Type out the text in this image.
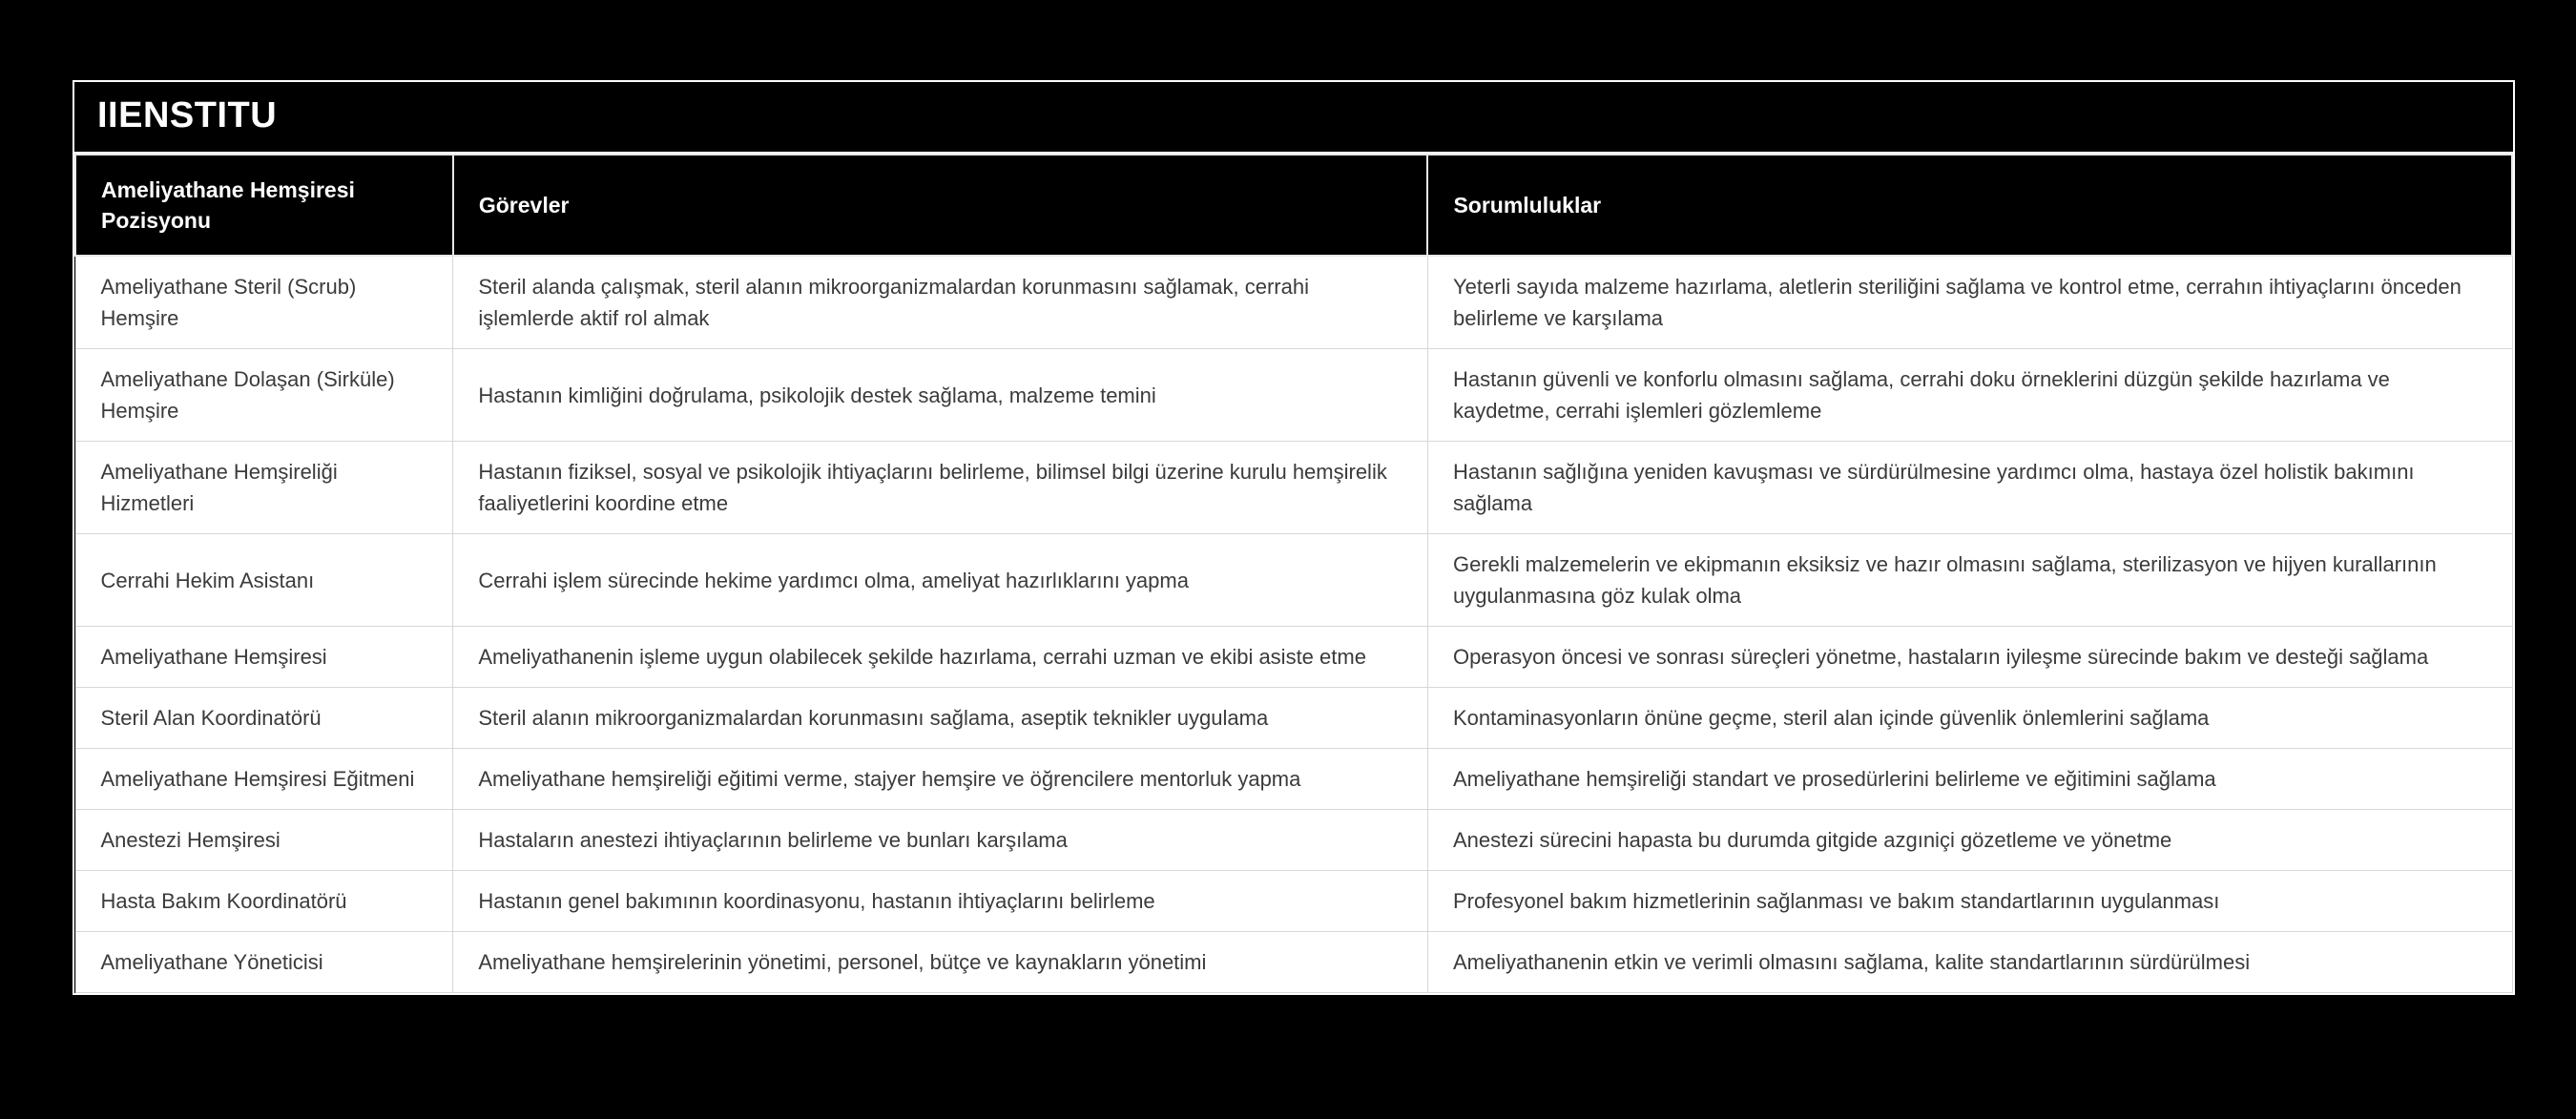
IIENSTITU
Ameliyathane Hemşiresi Pozisyonu	Görevler	Sorumluluklar
Ameliyathane Steril (Scrub) Hemşire	Steril alanda çalışmak, steril alanın mikroorganizmalardan korunmasını sağlamak, cerrahi işlemlerde aktif rol almak	Yeterli sayıda malzeme hazırlama, aletlerin steriliğini sağlama ve kontrol etme, cerrahın ihtiyaçlarını önceden belirleme ve karşılama
Ameliyathane Dolaşan (Sirküle) Hemşire	Hastanın kimliğini doğrulama, psikolojik destek sağlama, malzeme temini	Hastanın güvenli ve konforlu olmasını sağlama, cerrahi doku örneklerini düzgün şekilde hazırlama ve kaydetme, cerrahi işlemleri gözlemleme
Ameliyathane Hemşireliği Hizmetleri	Hastanın fiziksel, sosyal ve psikolojik ihtiyaçlarını belirleme, bilimsel bilgi üzerine kurulu hemşirelik faaliyetlerini koordine etme	Hastanın sağlığına yeniden kavuşması ve sürdürülmesine yardımcı olma, hastaya özel holistik bakımını sağlama
Cerrahi Hekim Asistanı	Cerrahi işlem sürecinde hekime yardımcı olma, ameliyat hazırlıklarını yapma	Gerekli malzemelerin ve ekipmanın eksiksiz ve hazır olmasını sağlama, sterilizasyon ve hijyen kurallarının uygulanmasına göz kulak olma
Ameliyathane Hemşiresi	Ameliyathanenin işleme uygun olabilecek şekilde hazırlama, cerrahi uzman ve ekibi asiste etme	Operasyon öncesi ve sonrası süreçleri yönetme, hastaların iyileşme sürecinde bakım ve desteği sağlama
Steril Alan Koordinatörü	Steril alanın mikroorganizmalardan korunmasını sağlama, aseptik teknikler uygulama	Kontaminasyonların önüne geçme, steril alan içinde güvenlik önlemlerini sağlama
Ameliyathane Hemşiresi Eğitmeni	Ameliyathane hemşireliği eğitimi verme, stajyer hemşire ve öğrencilere mentorluk yapma	Ameliyathane hemşireliği standart ve prosedürlerini belirleme ve eğitimini sağlama
Anestezi Hemşiresi	Hastaların anestezi ihtiyaçlarının belirleme ve bunları karşılama	Anestezi sürecini hapasta bu durumda gitgide azgıniçi gözetleme ve yönetme
Hasta Bakım Koordinatörü	Hastanın genel bakımının koordinasyonu, hastanın ihtiyaçlarını belirleme	Profesyonel bakım hizmetlerinin sağlanması ve bakım standartlarının uygulanması
Ameliyathane Yöneticisi	Ameliyathane hemşirelerinin yönetimi, personel, bütçe ve kaynakların yönetimi	Ameliyathanenin etkin ve verimli olmasını sağlama, kalite standartlarının sürdürülmesi
